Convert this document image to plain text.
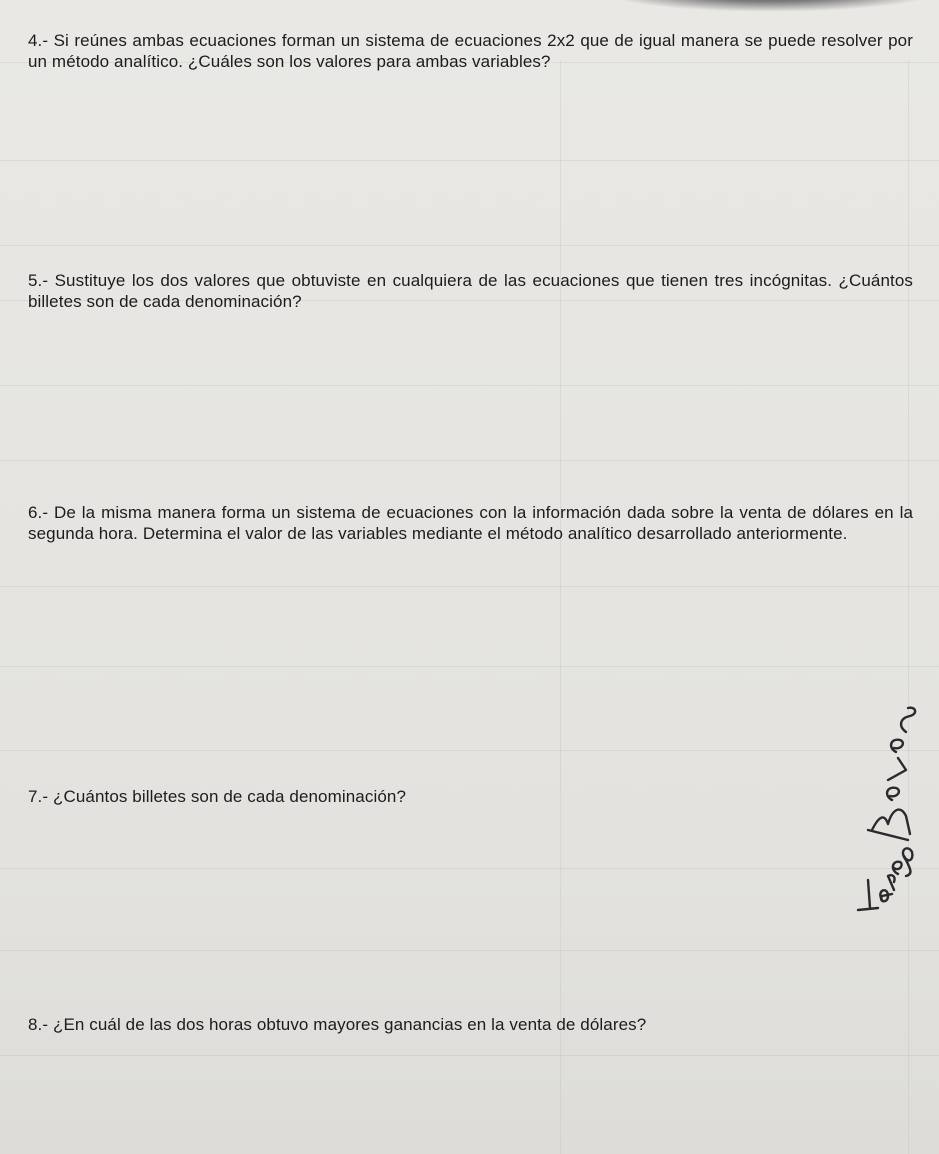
4.- Si reúnes ambas ecuaciones forman un sistema de ecuaciones 2x2 que de igual manera se puede resolver por un método analítico. ¿Cuáles son los valores para ambas variables?
5.- Sustituye los dos valores que obtuviste en cualquiera de las ecuaciones que tienen tres incógnitas. ¿Cuántos billetes son de cada denominación?
6.- De la misma manera forma un sistema de ecuaciones con la información dada sobre la venta de dólares en la segunda hora. Determina el valor de las variables mediante el método analítico desarrollado anteriormente.
7.- ¿Cuántos billetes son de cada denominación?
8.- ¿En cuál de las dos horas obtuvo mayores ganancias en la venta de dólares?
